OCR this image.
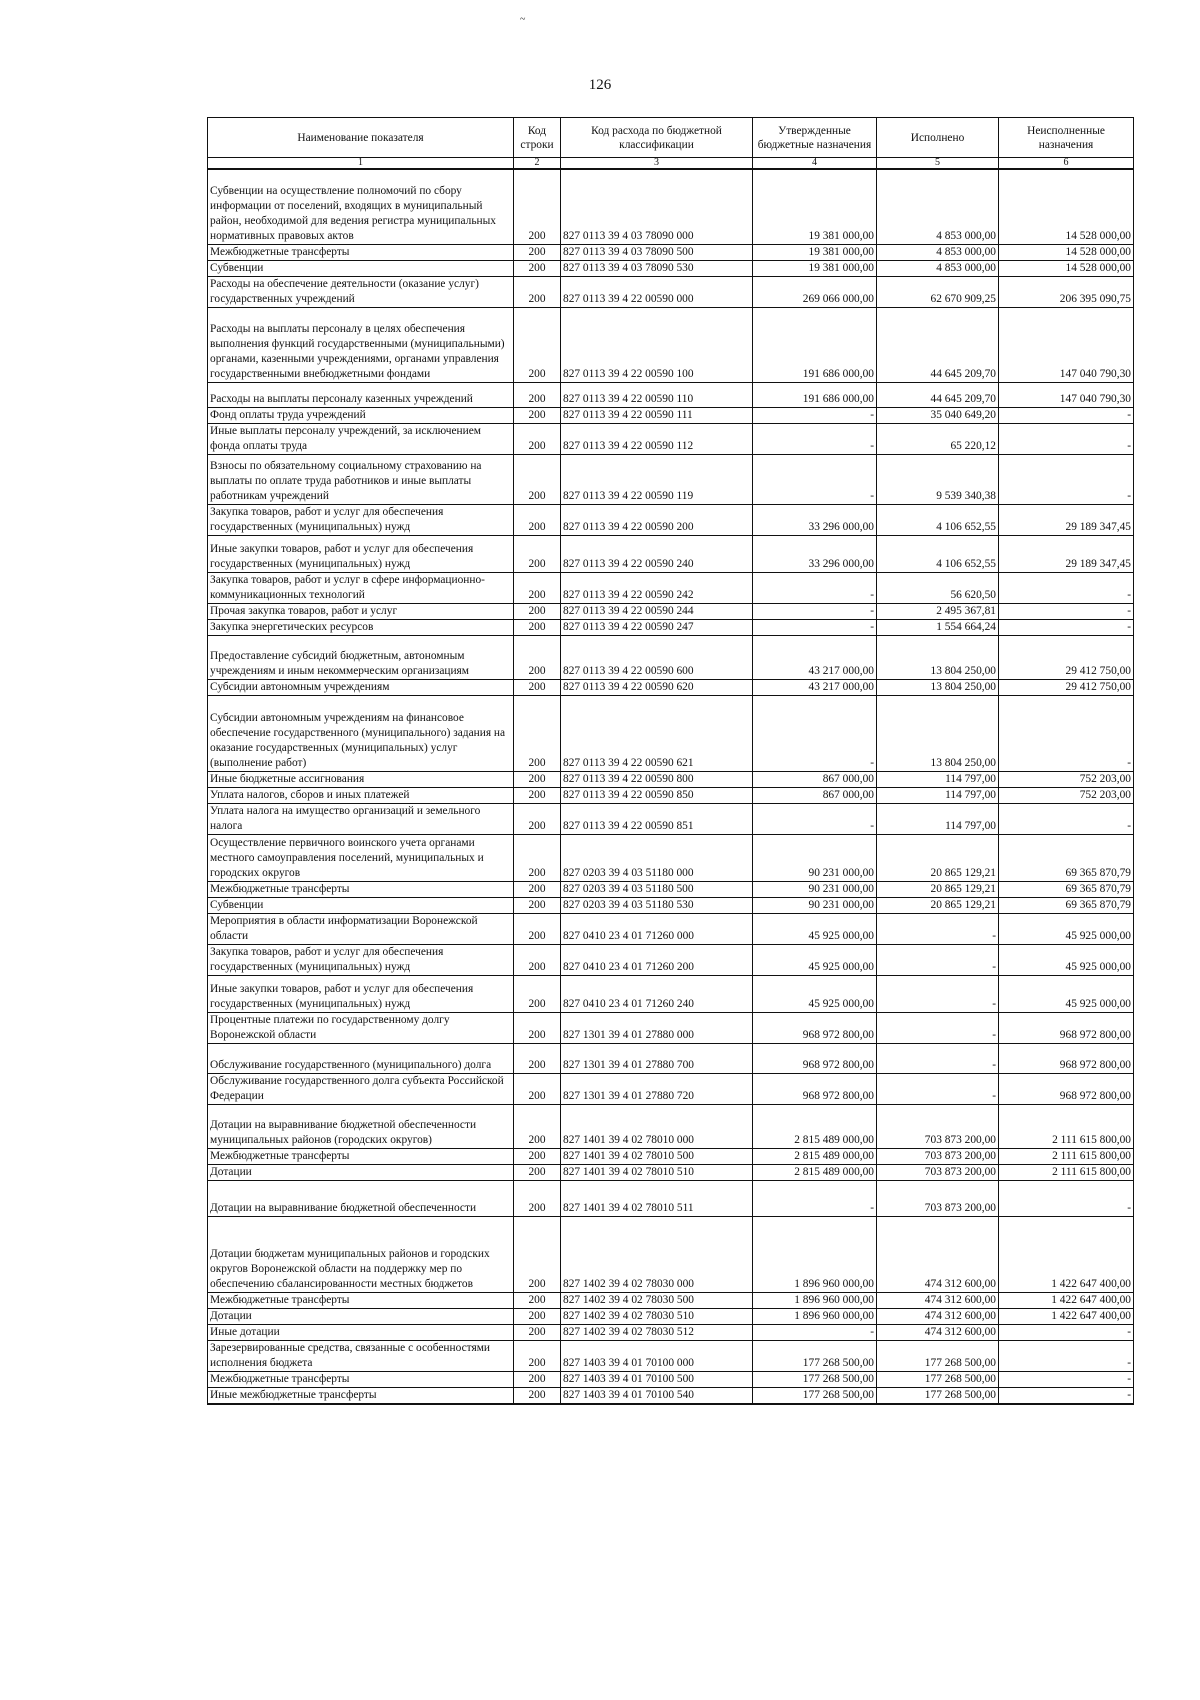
~
126
Наименование показателя	Код строки	Код расхода по бюджетной классификации	Утвержденные бюджетные назначения	Исполнено	Неисполненные назначения
1	2	3	4	5	6
Субвенции на осуществление полномочий по сбору информации от поселений, входящих в муниципальный район, необходимой для ведения регистра муниципальных нормативных правовых актов	200	827 0113 39 4 03 78090 000	19 381 000,00	4 853 000,00	14 528 000,00
Межбюджетные трансферты	200	827 0113 39 4 03 78090 500	19 381 000,00	4 853 000,00	14 528 000,00
Субвенции	200	827 0113 39 4 03 78090 530	19 381 000,00	4 853 000,00	14 528 000,00
Расходы на обеспечение деятельности (оказание услуг) государственных учреждений	200	827 0113 39 4 22 00590 000	269 066 000,00	62 670 909,25	206 395 090,75
Расходы на выплаты персоналу в целях обеспечения выполнения функций государственными (муниципальными) органами, казенными учреждениями, органами управления государственными внебюджетными фондами	200	827 0113 39 4 22 00590 100	191 686 000,00	44 645 209,70	147 040 790,30
Расходы на выплаты персоналу казенных учреждений	200	827 0113 39 4 22 00590 110	191 686 000,00	44 645 209,70	147 040 790,30
Фонд оплаты труда учреждений	200	827 0113 39 4 22 00590 111	-	35 040 649,20	-
Иные выплаты персоналу учреждений, за исключением фонда оплаты труда	200	827 0113 39 4 22 00590 112	-	65 220,12	-
Взносы по обязательному социальному страхованию на выплаты по оплате труда работников и иные выплаты работникам учреждений	200	827 0113 39 4 22 00590 119	-	9 539 340,38	-
Закупка товаров, работ и услуг для обеспечения государственных (муниципальных) нужд	200	827 0113 39 4 22 00590 200	33 296 000,00	4 106 652,55	29 189 347,45
Иные закупки товаров, работ и услуг для обеспечения государственных (муниципальных) нужд	200	827 0113 39 4 22 00590 240	33 296 000,00	4 106 652,55	29 189 347,45
Закупка товаров, работ и услуг в сфере информационно-коммуникационных технологий	200	827 0113 39 4 22 00590 242	-	56 620,50	-
Прочая закупка товаров, работ и услуг	200	827 0113 39 4 22 00590 244	-	2 495 367,81	-
Закупка энергетических ресурсов	200	827 0113 39 4 22 00590 247	-	1 554 664,24	-
Предоставление субсидий бюджетным, автономным учреждениям и иным некоммерческим организациям	200	827 0113 39 4 22 00590 600	43 217 000,00	13 804 250,00	29 412 750,00
Субсидии автономным учреждениям	200	827 0113 39 4 22 00590 620	43 217 000,00	13 804 250,00	29 412 750,00
Субсидии автономным учреждениям на финансовое обеспечение государственного (муниципального) задания на оказание государственных (муниципальных) услуг (выполнение работ)	200	827 0113 39 4 22 00590 621	-	13 804 250,00	-
Иные бюджетные ассигнования	200	827 0113 39 4 22 00590 800	867 000,00	114 797,00	752 203,00
Уплата налогов, сборов и иных платежей	200	827 0113 39 4 22 00590 850	867 000,00	114 797,00	752 203,00
Уплата налога на имущество организаций и земельного налога	200	827 0113 39 4 22 00590 851	-	114 797,00	-
Осуществление первичного воинского учета органами местного самоуправления поселений, муниципальных и городских округов	200	827 0203 39 4 03 51180 000	90 231 000,00	20 865 129,21	69 365 870,79
Межбюджетные трансферты	200	827 0203 39 4 03 51180 500	90 231 000,00	20 865 129,21	69 365 870,79
Субвенции	200	827 0203 39 4 03 51180 530	90 231 000,00	20 865 129,21	69 365 870,79
Мероприятия в области информатизации Воронежской области	200	827 0410 23 4 01 71260 000	45 925 000,00	-	45 925 000,00
Закупка товаров, работ и услуг для обеспечения государственных (муниципальных) нужд	200	827 0410 23 4 01 71260 200	45 925 000,00	-	45 925 000,00
Иные закупки товаров, работ и услуг для обеспечения государственных (муниципальных) нужд	200	827 0410 23 4 01 71260 240	45 925 000,00	-	45 925 000,00
Процентные платежи по государственному долгу Воронежской области	200	827 1301 39 4 01 27880 000	968 972 800,00	-	968 972 800,00
Обслуживание государственного (муниципального) долга	200	827 1301 39 4 01 27880 700	968 972 800,00	-	968 972 800,00
Обслуживание государственного долга субъекта Российской Федерации	200	827 1301 39 4 01 27880 720	968 972 800,00	-	968 972 800,00
Дотации на выравнивание бюджетной обеспеченности муниципальных районов (городских округов)	200	827 1401 39 4 02 78010 000	2 815 489 000,00	703 873 200,00	2 111 615 800,00
Межбюджетные трансферты	200	827 1401 39 4 02 78010 500	2 815 489 000,00	703 873 200,00	2 111 615 800,00
Дотации	200	827 1401 39 4 02 78010 510	2 815 489 000,00	703 873 200,00	2 111 615 800,00
Дотации на выравнивание бюджетной обеспеченности	200	827 1401 39 4 02 78010 511	-	703 873 200,00	-
Дотации бюджетам муниципальных районов и городских округов Воронежской области на поддержку мер по обеспечению сбалансированности местных бюджетов	200	827 1402 39 4 02 78030 000	1 896 960 000,00	474 312 600,00	1 422 647 400,00
Межбюджетные трансферты	200	827 1402 39 4 02 78030 500	1 896 960 000,00	474 312 600,00	1 422 647 400,00
Дотации	200	827 1402 39 4 02 78030 510	1 896 960 000,00	474 312 600,00	1 422 647 400,00
Иные дотации	200	827 1402 39 4 02 78030 512	-	474 312 600,00	-
Зарезервированные средства, связанные с особенностями исполнения бюджета	200	827 1403 39 4 01 70100 000	177 268 500,00	177 268 500,00	-
Межбюджетные трансферты	200	827 1403 39 4 01 70100 500	177 268 500,00	177 268 500,00	-
Иные межбюджетные трансферты	200	827 1403 39 4 01 70100 540	177 268 500,00	177 268 500,00	-
